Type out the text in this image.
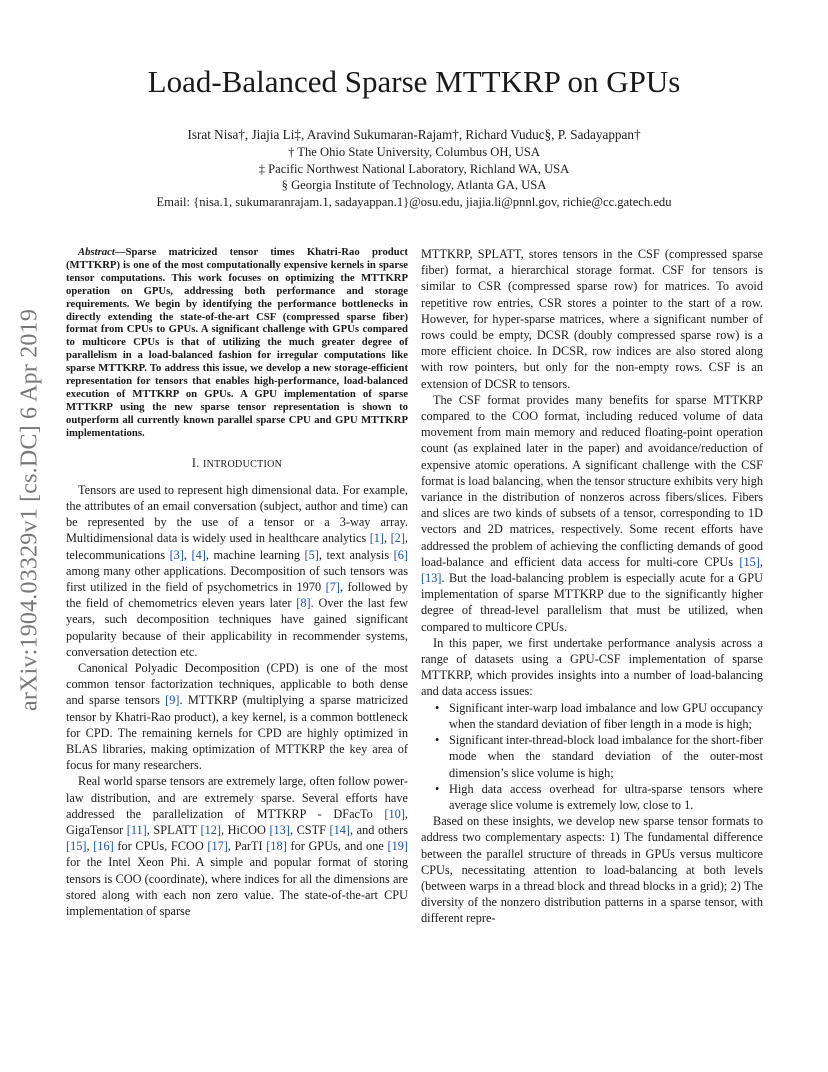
arXiv:1904.03329v1 [cs.DC] 6 Apr 2019
Load-Balanced Sparse MTTKRP on GPUs
Israt Nisa†, Jiajia Li‡, Aravind Sukumaran-Rajam†, Richard Vuduc§, P. Sadayappan†
† The Ohio State University, Columbus OH, USA
‡ Pacific Northwest National Laboratory, Richland WA, USA
§ Georgia Institute of Technology, Atlanta GA, USA
Email: {nisa.1, sukumaranrajam.1, sadayappan.1}@osu.edu, jiajia.li@pnnl.gov, richie@cc.gatech.edu

Abstract—Sparse matricized tensor times Khatri-Rao product (MTTKRP) is one of the most computationally expensive kernels in sparse tensor computations. This work focuses on optimizing the MTTKRP operation on GPUs, addressing both performance and storage requirements. We begin by identifying the performance bottlenecks in directly extending the state-of-the-art CSF (compressed sparse fiber) format from CPUs to GPUs. A significant challenge with GPUs compared to multicore CPUs is that of utilizing the much greater degree of parallelism in a load-balanced fashion for irregular computations like sparse MTTKRP. To address this issue, we develop a new storage-efficient representation for tensors that enables high-performance, load-balanced execution of MTTKRP on GPUs. A GPU implementation of sparse MTTKRP using the new sparse tensor representation is shown to outperform all currently known parallel sparse CPU and GPU MTTKRP implementations.

I. INTRODUCTION

Tensors are used to represent high dimensional data. For example, the attributes of an email conversation (subject, author and time) can be represented by the use of a tensor or a 3-way array. Multidimensional data is widely used in healthcare analytics [1], [2], telecommunications [3], [4], machine learning [5], text analysis [6] among many other applications. Decomposition of such tensors was first utilized in the field of psychometrics in 1970 [7], followed by the field of chemometrics eleven years later [8]. Over the last few years, such decomposition techniques have gained significant popularity because of their applicability in recommender systems, conversation detection etc.

Canonical Polyadic Decomposition (CPD) is one of the most common tensor factorization techniques, applicable to both dense and sparse tensors [9]. MTTKRP (multiplying a sparse matricized tensor by Khatri-Rao product), a key kernel, is a common bottleneck for CPD. The remaining kernels for CPD are highly optimized in BLAS libraries, making optimization of MTTKRP the key area of focus for many researchers.

Real world sparse tensors are extremely large, often follow power-law distribution, and are extremely sparse. Several efforts have addressed the parallelization of MTTKRP - DFacTo [10], GigaTensor [11], SPLATT [12], HiCOO [13], CSTF [14], and others [15], [16] for CPUs, FCOO [17], ParTI [18] for GPUs, and one [19] for the Intel Xeon Phi. A simple and popular format of storing tensors is COO (coordinate), where indices for all the dimensions are stored along with each non zero value. The state-of-the-art CPU implementation of sparse

MTTKRP, SPLATT, stores tensors in the CSF (compressed sparse fiber) format, a hierarchical storage format. CSF for tensors is similar to CSR (compressed sparse row) for matrices. To avoid repetitive row entries, CSR stores a pointer to the start of a row. However, for hyper-sparse matrices, where a significant number of rows could be empty, DCSR (doubly compressed sparse row) is a more efficient choice. In DCSR, row indices are also stored along with row pointers, but only for the non-empty rows. CSF is an extension of DCSR to tensors.

The CSF format provides many benefits for sparse MTTKRP compared to the COO format, including reduced volume of data movement from main memory and reduced floating-point operation count (as explained later in the paper) and avoidance/reduction of expensive atomic operations. A significant challenge with the CSF format is load balancing, when the tensor structure exhibits very high variance in the distribution of nonzeros across fibers/slices. Fibers and slices are two kinds of subsets of a tensor, corresponding to 1D vectors and 2D matrices, respectively. Some recent efforts have addressed the problem of achieving the conflicting demands of good load-balance and efficient data access for multi-core CPUs [15], [13]. But the load-balancing problem is especially acute for a GPU implementation of sparse MTTKRP due to the significantly higher degree of thread-level parallelism that must be utilized, when compared to multicore CPUs.

In this paper, we first undertake performance analysis across a range of datasets using a GPU-CSF implementation of sparse MTTKRP, which provides insights into a number of load-balancing and data access issues:

• Significant inter-warp load imbalance and low GPU occupancy when the standard deviation of fiber length in a mode is high;
• Significant inter-thread-block load imbalance for the short-fiber mode when the standard deviation of the outer-most dimension’s slice volume is high;
• High data access overhead for ultra-sparse tensors where average slice volume is extremely low, close to 1.

Based on these insights, we develop new sparse tensor formats to address two complementary aspects: 1) The fundamental difference between the parallel structure of threads in GPUs versus multicore CPUs, necessitating attention to load-balancing at both levels (between warps in a thread block and thread blocks in a grid); 2) The diversity of the nonzero distribution patterns in a sparse tensor, with different repre-
